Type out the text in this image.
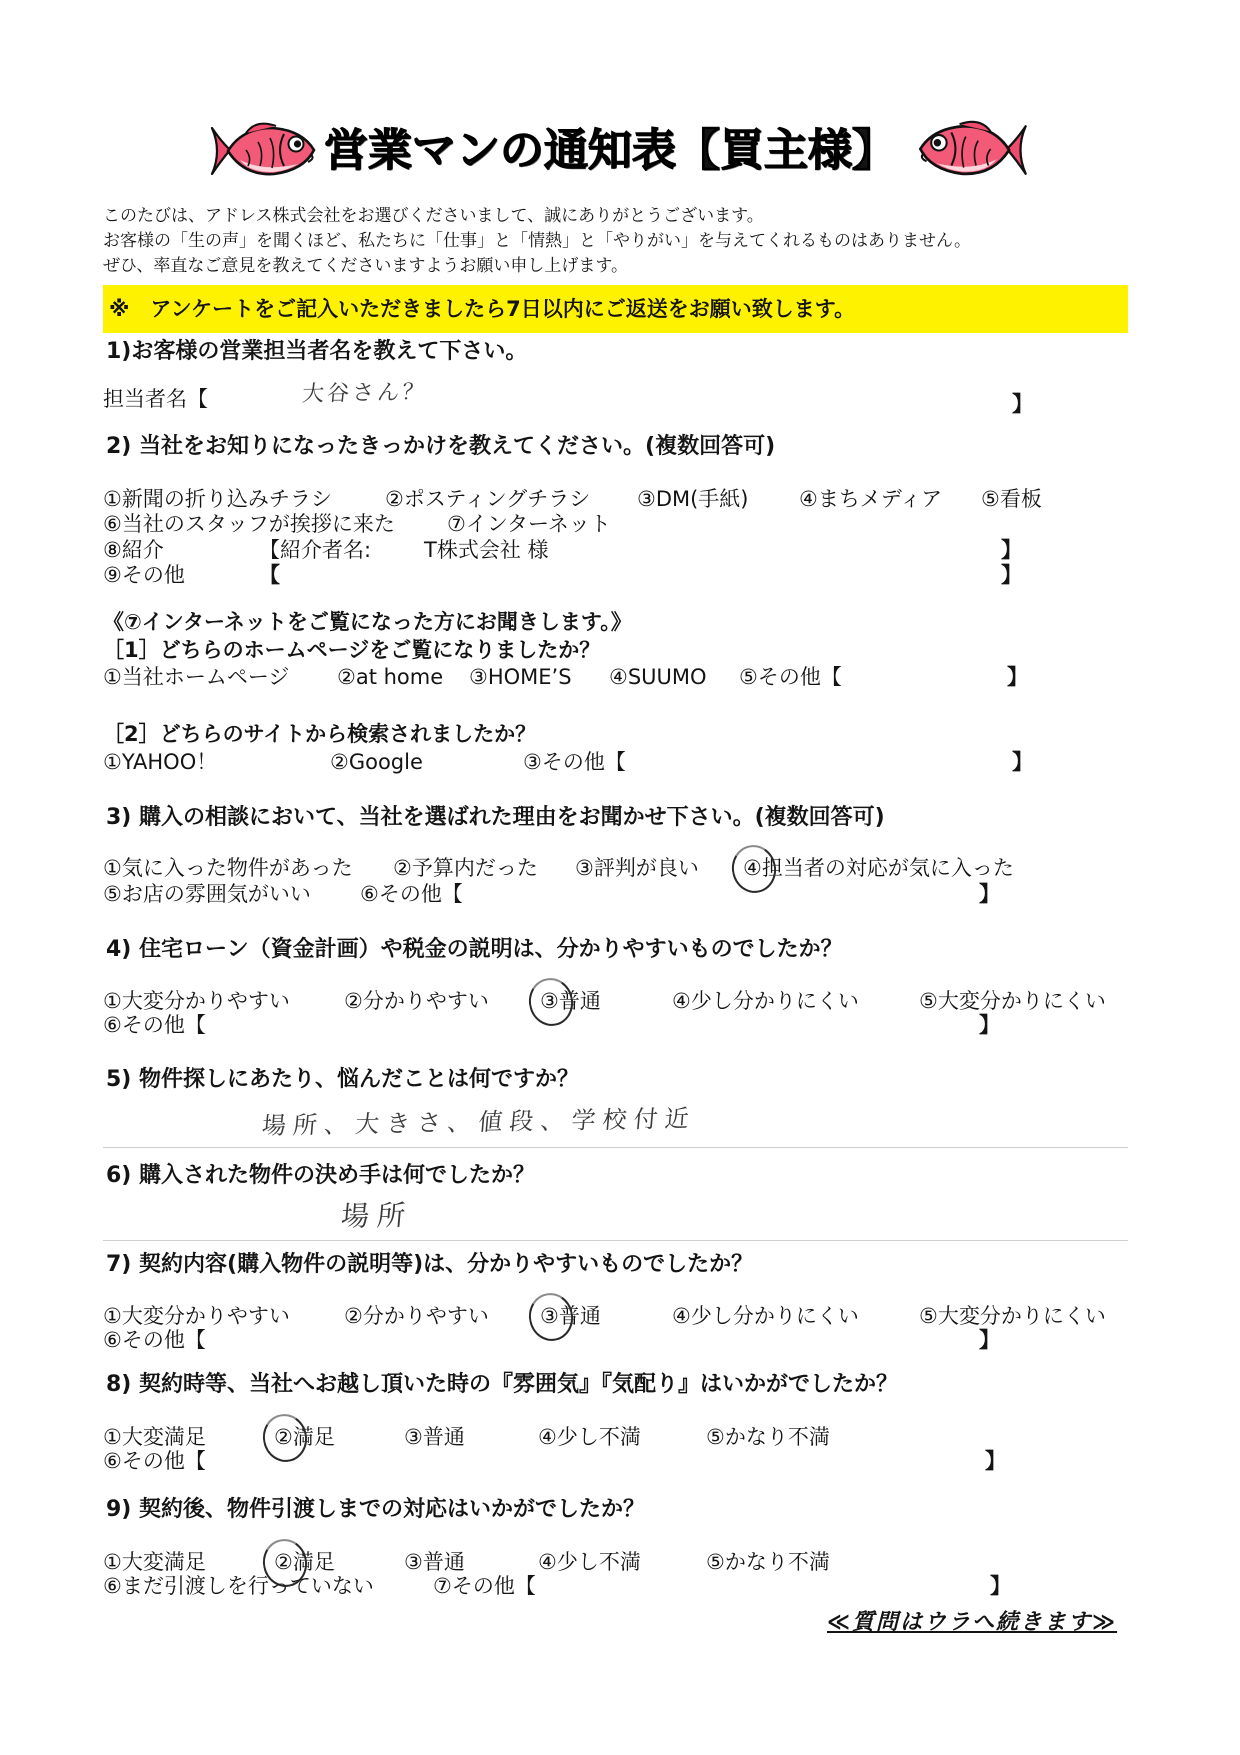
営業マンの通知表【買主様】
このたびは、アドレス株式会社をお選びくださいまして、誠にありがとうございます。
お客様の「生の声」を聞くほど、私たちに「仕事」と「情熱」と「やりがい」を与えてくれるものはありません。
ぜひ、率直なご意見を教えてくださいますようお願い申し上げます。
※　アンケートをご記入いただきましたら7日以内にご返送をお願い致します。
1)お客様の営業担当者名を教えて下さい。
担当者名【	大谷さん？	】
2) 当社をお知りになったきっかけを教えてください。(複数回答可)
①新聞の折り込みチラシ	②ポスティングチラシ ③DM(手紙) ④まちメディア ⑤看板
⑥当社のスタッフが挨拶に来た ⑦インターネット
⑧紹介	【紹介者名:	T株式会社 様	】
⑨その他	【	】
《⑦インターネットをご覧になった方にお聞きします。》
［1］どちらのホームページをご覧になりましたか？
①当社ホームページ ②at home ③HOME’S ④SUUMO ⑤その他【	】
［2］どちらのサイトから検索されましたか？
①YAHOO！	②Google	③その他【	】
3) 購入の相談において、当社を選ばれた理由をお聞かせ下さい。(複数回答可)
①気に入った物件があった ②予算内だった ③評判が良い ④担当者の対応が気に入った
⑤お店の雰囲気がいい ⑥その他【	】
4) 住宅ローン（資金計画）や税金の説明は、分かりやすいものでしたか？
①大変分かりやすい	②分かりやすい ③普通	④少し分かりにくい	⑤大変分かりにくい
⑥その他【	】
5) 物件探しにあたり、悩んだことは何ですか？
場所、大きさ、値段、学校付近
6) 購入された物件の決め手は何でしたか？
場所
7) 契約内容(購入物件の説明等)は、分かりやすいものでしたか？
①大変分かりやすい	②分かりやすい ③普通	④少し分かりにくい	⑤大変分かりにくい
⑥その他【	】
8) 契約時等、当社へお越し頂いた時の『雰囲気』『気配り』はいかがでしたか？
①大変満足	②満足	③普通	④少し不満	⑤かなり不満
⑥その他【	】
9) 契約後、物件引渡しまでの対応はいかがでしたか？
①大変満足	②満足	③普通	④少し不満	⑤かなり不満
⑥まだ引渡しを行っていない	⑦その他【	】
≪質問はウラへ続きます≫
